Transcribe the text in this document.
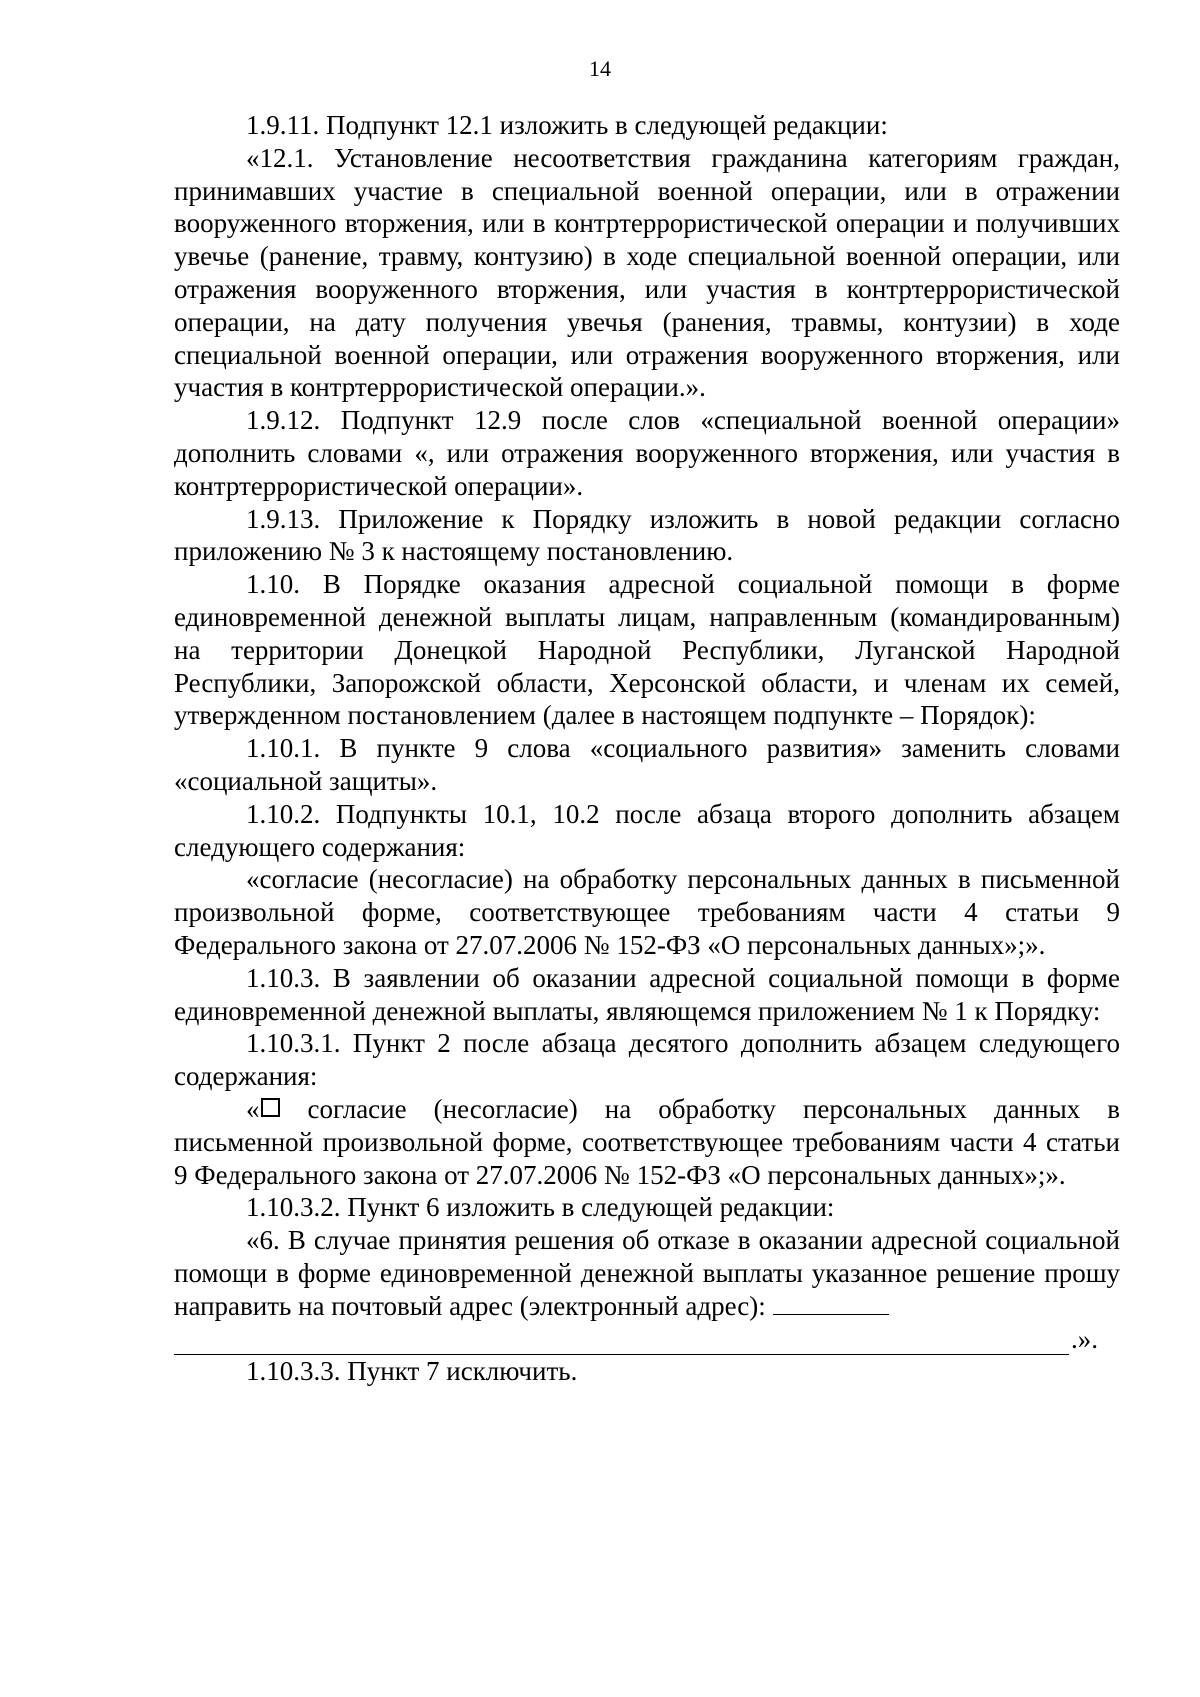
14

1.9.11. Подпункт 12.1 изложить в следующей редакции:

«12.1. Установление несоответствия гражданина категориям граждан, принимавших участие в специальной военной операции, или в отражении вооруженного вторжения, или в контртеррористической операции и получивших увечье (ранение, травму, контузию) в ходе специальной военной операции, или отражения вооруженного вторжения, или участия в контртеррористической операции, на дату получения увечья (ранения, травмы, контузии) в ходе специальной военной операции, или отражения вооруженного вторжения, или участия в контртеррористической операции.».

1.9.12. Подпункт 12.9 после слов «специальной военной операции» дополнить словами «, или отражения вооруженного вторжения, или участия в контртеррористической операции».

1.9.13. Приложение к Порядку изложить в новой редакции согласно приложению № 3 к настоящему постановлению.

1.10. В Порядке оказания адресной социальной помощи в форме единовременной денежной выплаты лицам, направленным (командированным) на территории Донецкой Народной Республики, Луганской Народной Республики, Запорожской области, Херсонской области, и членам их семей, утвержденном постановлением (далее в настоящем подпункте – Порядок):

1.10.1. В пункте 9 слова «социального развития» заменить словами «социальной защиты».

1.10.2. Подпункты 10.1, 10.2 после абзаца второго дополнить абзацем следующего содержания:

«согласие (несогласие) на обработку персональных данных в письменной произвольной форме, соответствующее требованиям части 4 статьи 9 Федерального закона от 27.07.2006 № 152-ФЗ «О персональных данных»;».

1.10.3. В заявлении об оказании адресной социальной помощи в форме единовременной денежной выплаты, являющемся приложением № 1 к Порядку:

1.10.3.1. Пункт 2 после абзаца десятого дополнить абзацем следующего содержания:

« согласие (несогласие) на обработку персональных данных в письменной произвольной форме, соответствующее требованиям части 4 статьи 9 Федерального закона от 27.07.2006 № 152-ФЗ «О персональных данных»;».

1.10.3.2. Пункт 6 изложить в следующей редакции:

«6. В случае принятия решения об отказе в оказании адресной социальной помощи в форме единовременной денежной выплаты указанное решение прошу направить на почтовый адрес (электронный адрес):

.».

1.10.3.3. Пункт 7 исключить.
